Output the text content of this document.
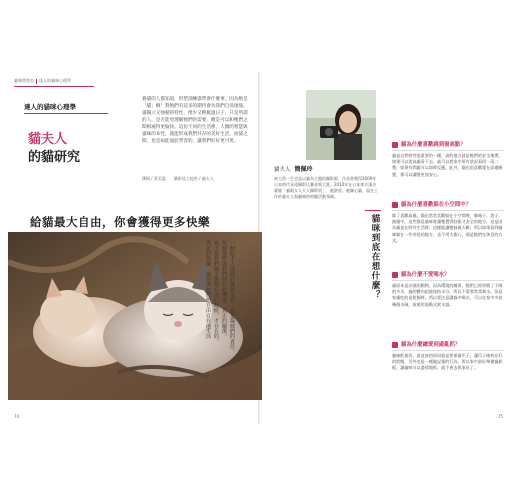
貓咪問答室 達人的貓咪心理學
達人的貓咪心理學
貓夫人
的貓研究
養貓的人都知道，形塑訓練貓學會什麼事，因為牠是「貓」啊！對牠們有這多的期待會為我們自尋煩惱。貓獨立又強韌的特性，像少又輕鬆過日子，只是所謂的人，是否能更理解牠們的需要，總是可以和牠們之間相處得更愉快。這份不同的生活裡，人類的智慧與貓咪的本性，就能形成我們共存的美好生活，而貓之間，也是如此彼此學習的，讓我們好好更可愛。
撰稿 / 黃美惠　　攝影協力提供 / 貓夫人
給貓最大自由，你會獲得更多快樂
一個給予人最棒的貓咪友愛，也是貓咪們的責任，
每個貓咪與我們同在的機會，真正的關係，
並不是我們施予貓咪自由的時候，才存在的，
真正的快樂，就是讓牠們能自由自在地生活
貓夫人 簡佩玲
東大寫一生也是以貓為主題的攝影師，作品曾獲得2009年日本時代長遠攝影比賽金獎大賞。2010年在日本東京淺谷畫廊「貓眼女人天人攝影展」，她熱衷、她關心貓，現在工作於貓夫人與貓咪的相關活動領域。
貓咪到底在想什麼？
貓為什麼喜歡跳到窗高點？
貓是自然野性很重要的一種，高的地方就是牠們的安全地帶。如果可以從高處看下去，就可以把家中所有狀況看得一清二楚，如果有問題可以即時反應。此外，貓也很喜歡爬在高處睡覺，那可以讓牠更加安心。
貓為什麼喜歡躲在小空間中？
除了喜歡高處，貓也常常喜歡躲在小空間裡，像箱子、袋子、抽屜中，這些都是貓咪會讓牠覺得舒服又安全的地方。這是因為貓是在野外生活時，這樣能讓牠躲避天敵。所以如果看到貓咪躲在一些奇怪的地方，也不用太擔心，那是牠們在休息的方式。
貓為什麼不愛喝水？
貓原本是沙漠的動物，因為環境的關係，牠們已經習慣了不喝很多水，貓的體內很能保持水分，所以不需要常常喝水。但是家貓吃的是乾飼料，所以要注意讓貓多喝水，可以在家中多放幾個水碗，或使用流動式飲水器。
貓為什麼總愛到處亂抓？
貓咪抓東西，最直接的原因就是要保養爪子，讓爪子維持在好的狀態，另外也是一種做記號的行為。所以家中最好準備貓抓板，讓貓咪可以盡情地抓，就不會去抓家具了。
74	75
